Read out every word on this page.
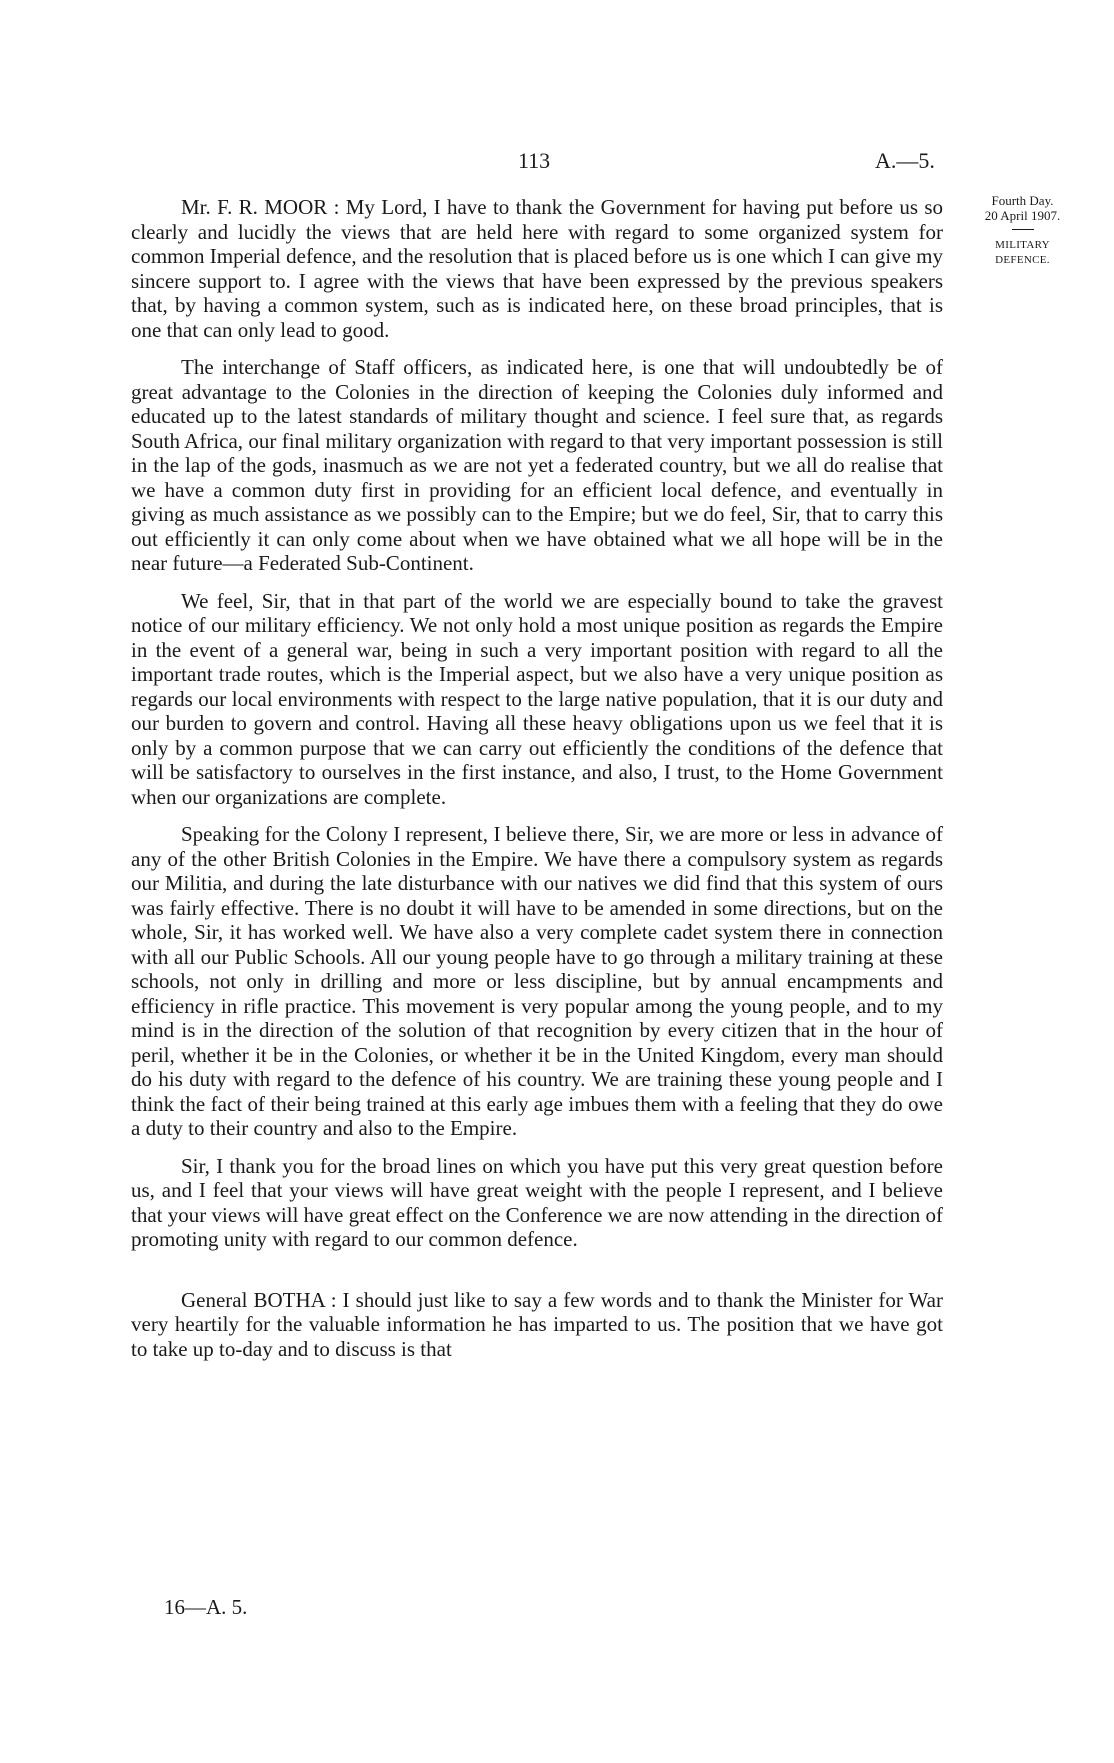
113	A.—5.
Fourth Day.
20 April 1907.
MILITARY
DEFENCE.

Mr. F. R. MOOR : My Lord, I have to thank the Government for having put before us so clearly and lucidly the views that are held here with regard to some organized system for common Imperial defence, and the resolution that is placed before us is one which I can give my sincere support to. I agree with the views that have been expressed by the previous speakers that, by having a common system, such as is indicated here, on these broad principles, that is one that can only lead to good.

The interchange of Staff officers, as indicated here, is one that will undoubtedly be of great advantage to the Colonies in the direction of keeping the Colonies duly informed and educated up to the latest standards of military thought and science. I feel sure that, as regards South Africa, our final military organization with regard to that very important possession is still in the lap of the gods, inasmuch as we are not yet a federated country, but we all do realise that we have a common duty first in providing for an efficient local defence, and eventually in giving as much assistance as we possibly can to the Empire; but we do feel, Sir, that to carry this out efficiently it can only come about when we have obtained what we all hope will be in the near future—a Federated Sub-Continent.

We feel, Sir, that in that part of the world we are especially bound to take the gravest notice of our military efficiency. We not only hold a most unique position as regards the Empire in the event of a general war, being in such a very important position with regard to all the important trade routes, which is the Imperial aspect, but we also have a very unique position as regards our local environments with respect to the large native population, that it is our duty and our burden to govern and control. Having all these heavy obligations upon us we feel that it is only by a common purpose that we can carry out efficiently the conditions of the defence that will be satisfactory to ourselves in the first instance, and also, I trust, to the Home Government when our organizations are complete.

Speaking for the Colony I represent, I believe there, Sir, we are more or less in advance of any of the other British Colonies in the Empire. We have there a compulsory system as regards our Militia, and during the late disturbance with our natives we did find that this system of ours was fairly effective. There is no doubt it will have to be amended in some directions, but on the whole, Sir, it has worked well. We have also a very complete cadet system there in connection with all our Public Schools. All our young people have to go through a military training at these schools, not only in drilling and more or less discipline, but by annual encampments and efficiency in rifle practice. This movement is very popular among the young people, and to my mind is in the direction of the solution of that recognition by every citizen that in the hour of peril, whether it be in the Colonies, or whether it be in the United Kingdom, every man should do his duty with regard to the defence of his country. We are training these young people and I think the fact of their being trained at this early age imbues them with a feeling that they do owe a duty to their country and also to the Empire.

Sir, I thank you for the broad lines on which you have put this very great question before us, and I feel that your views will have great weight with the people I represent, and I believe that your views will have great effect on the Conference we are now attending in the direction of promoting unity with regard to our common defence.

General BOTHA : I should just like to say a few words and to thank the Minister for War very heartily for the valuable information he has imparted to us. The position that we have got to take up to-day and to discuss is that

16—A. 5.
